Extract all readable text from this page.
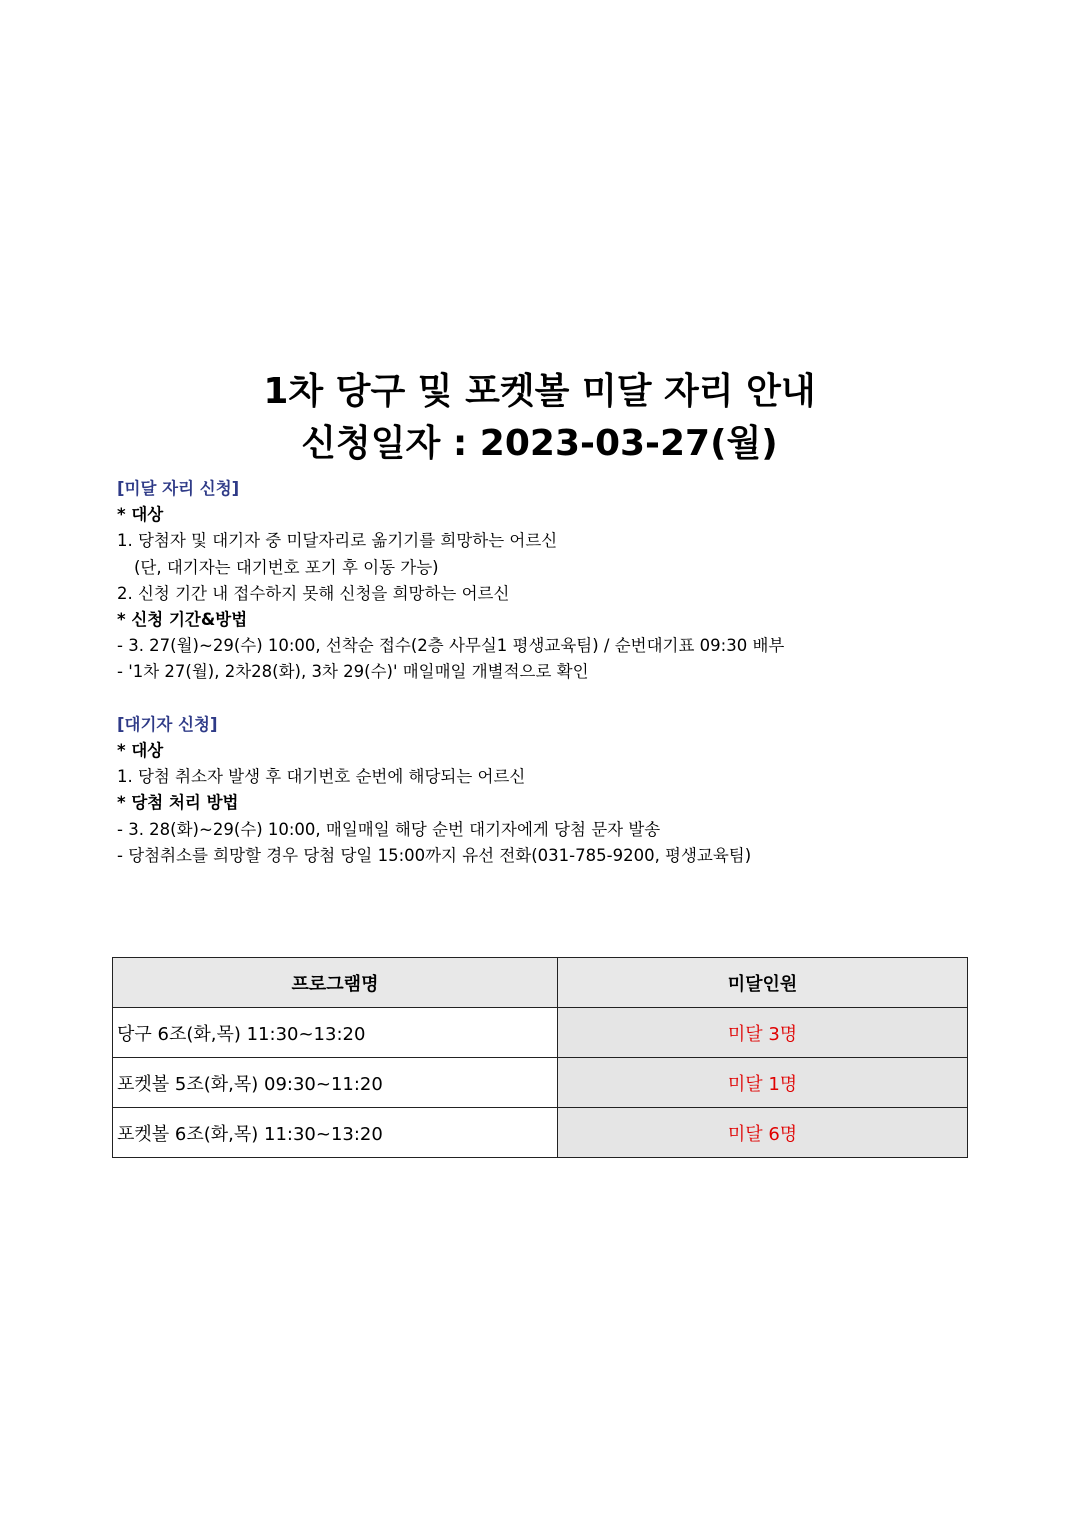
1차 당구 및 포켓볼 미달 자리 안내
신청일자 : 2023-03-27(월)
[미달 자리 신청]
* 대상
1. 당첨자 및 대기자 중 미달자리로 옮기기를 희망하는 어르신
(단, 대기자는 대기번호 포기 후 이동 가능)
2. 신청 기간 내 접수하지 못해 신청을 희망하는 어르신
* 신청 기간&방법
- 3. 27(월)~29(수) 10:00, 선착순 접수(2층 사무실1 평생교육팀) / 순번대기표 09:30 배부
- '1차 27(월), 2차28(화), 3차 29(수)' 매일매일 개별적으로 확인
[대기자 신청]
* 대상
1. 당첨 취소자 발생 후 대기번호 순번에 해당되는 어르신
* 당첨 처리 방법
- 3. 28(화)~29(수) 10:00, 매일매일 해당 순번 대기자에게 당첨 문자 발송
- 당첨취소를 희망할 경우 당첨 당일 15:00까지 유선 전화(031-785-9200, 평생교육팀)
프로그램명	미달인원
당구 6조(화,목) 11:30~13:20	미달 3명
포켓볼 5조(화,목) 09:30~11:20	미달 1명
포켓볼 6조(화,목) 11:30~13:20	미달 6명
